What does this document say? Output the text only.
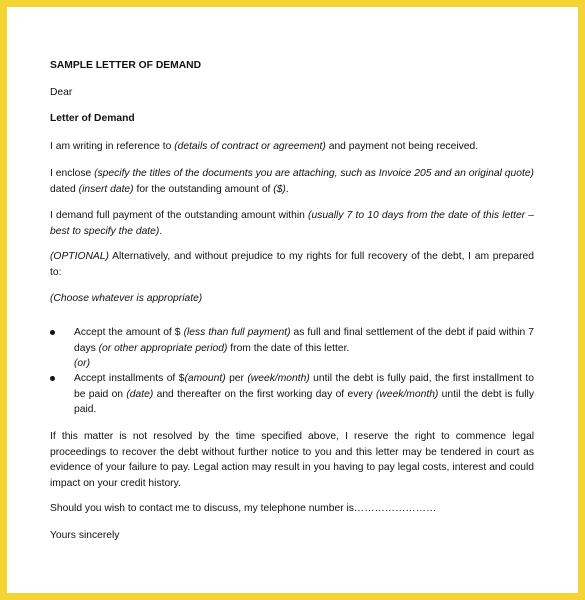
SAMPLE LETTER OF DEMAND
Dear
Letter of Demand
I am writing in reference to (details of contract or agreement) and payment not being received.
I enclose (specify the titles of the documents you are attaching, such as Invoice 205 and an original quote) dated (insert date) for the outstanding amount of ($).
I demand full payment of the outstanding amount within (usually 7 to 10 days from the date of this letter – best to specify the date).
(OPTIONAL) Alternatively, and without prejudice to my rights for full recovery of the debt, I am prepared to:
(Choose whatever is appropriate)
Accept the amount of $ (less than full payment) as full and final settlement of the debt if paid within 7 days (or other appropriate period) from the date of this letter.
(or)
Accept installments of $(amount) per (week/month) until the debt is fully paid, the first installment to be paid on (date) and thereafter on the first working day of every (week/month) until the debt is fully paid.
If this matter is not resolved by the time specified above, I reserve the right to commence legal proceedings to recover the debt without further notice to you and this letter may be tendered in court as evidence of your failure to pay. Legal action may result in you having to pay legal costs, interest and could impact on your credit history.
Should you wish to contact me to discuss, my telephone number is……………………
Yours sincerely
